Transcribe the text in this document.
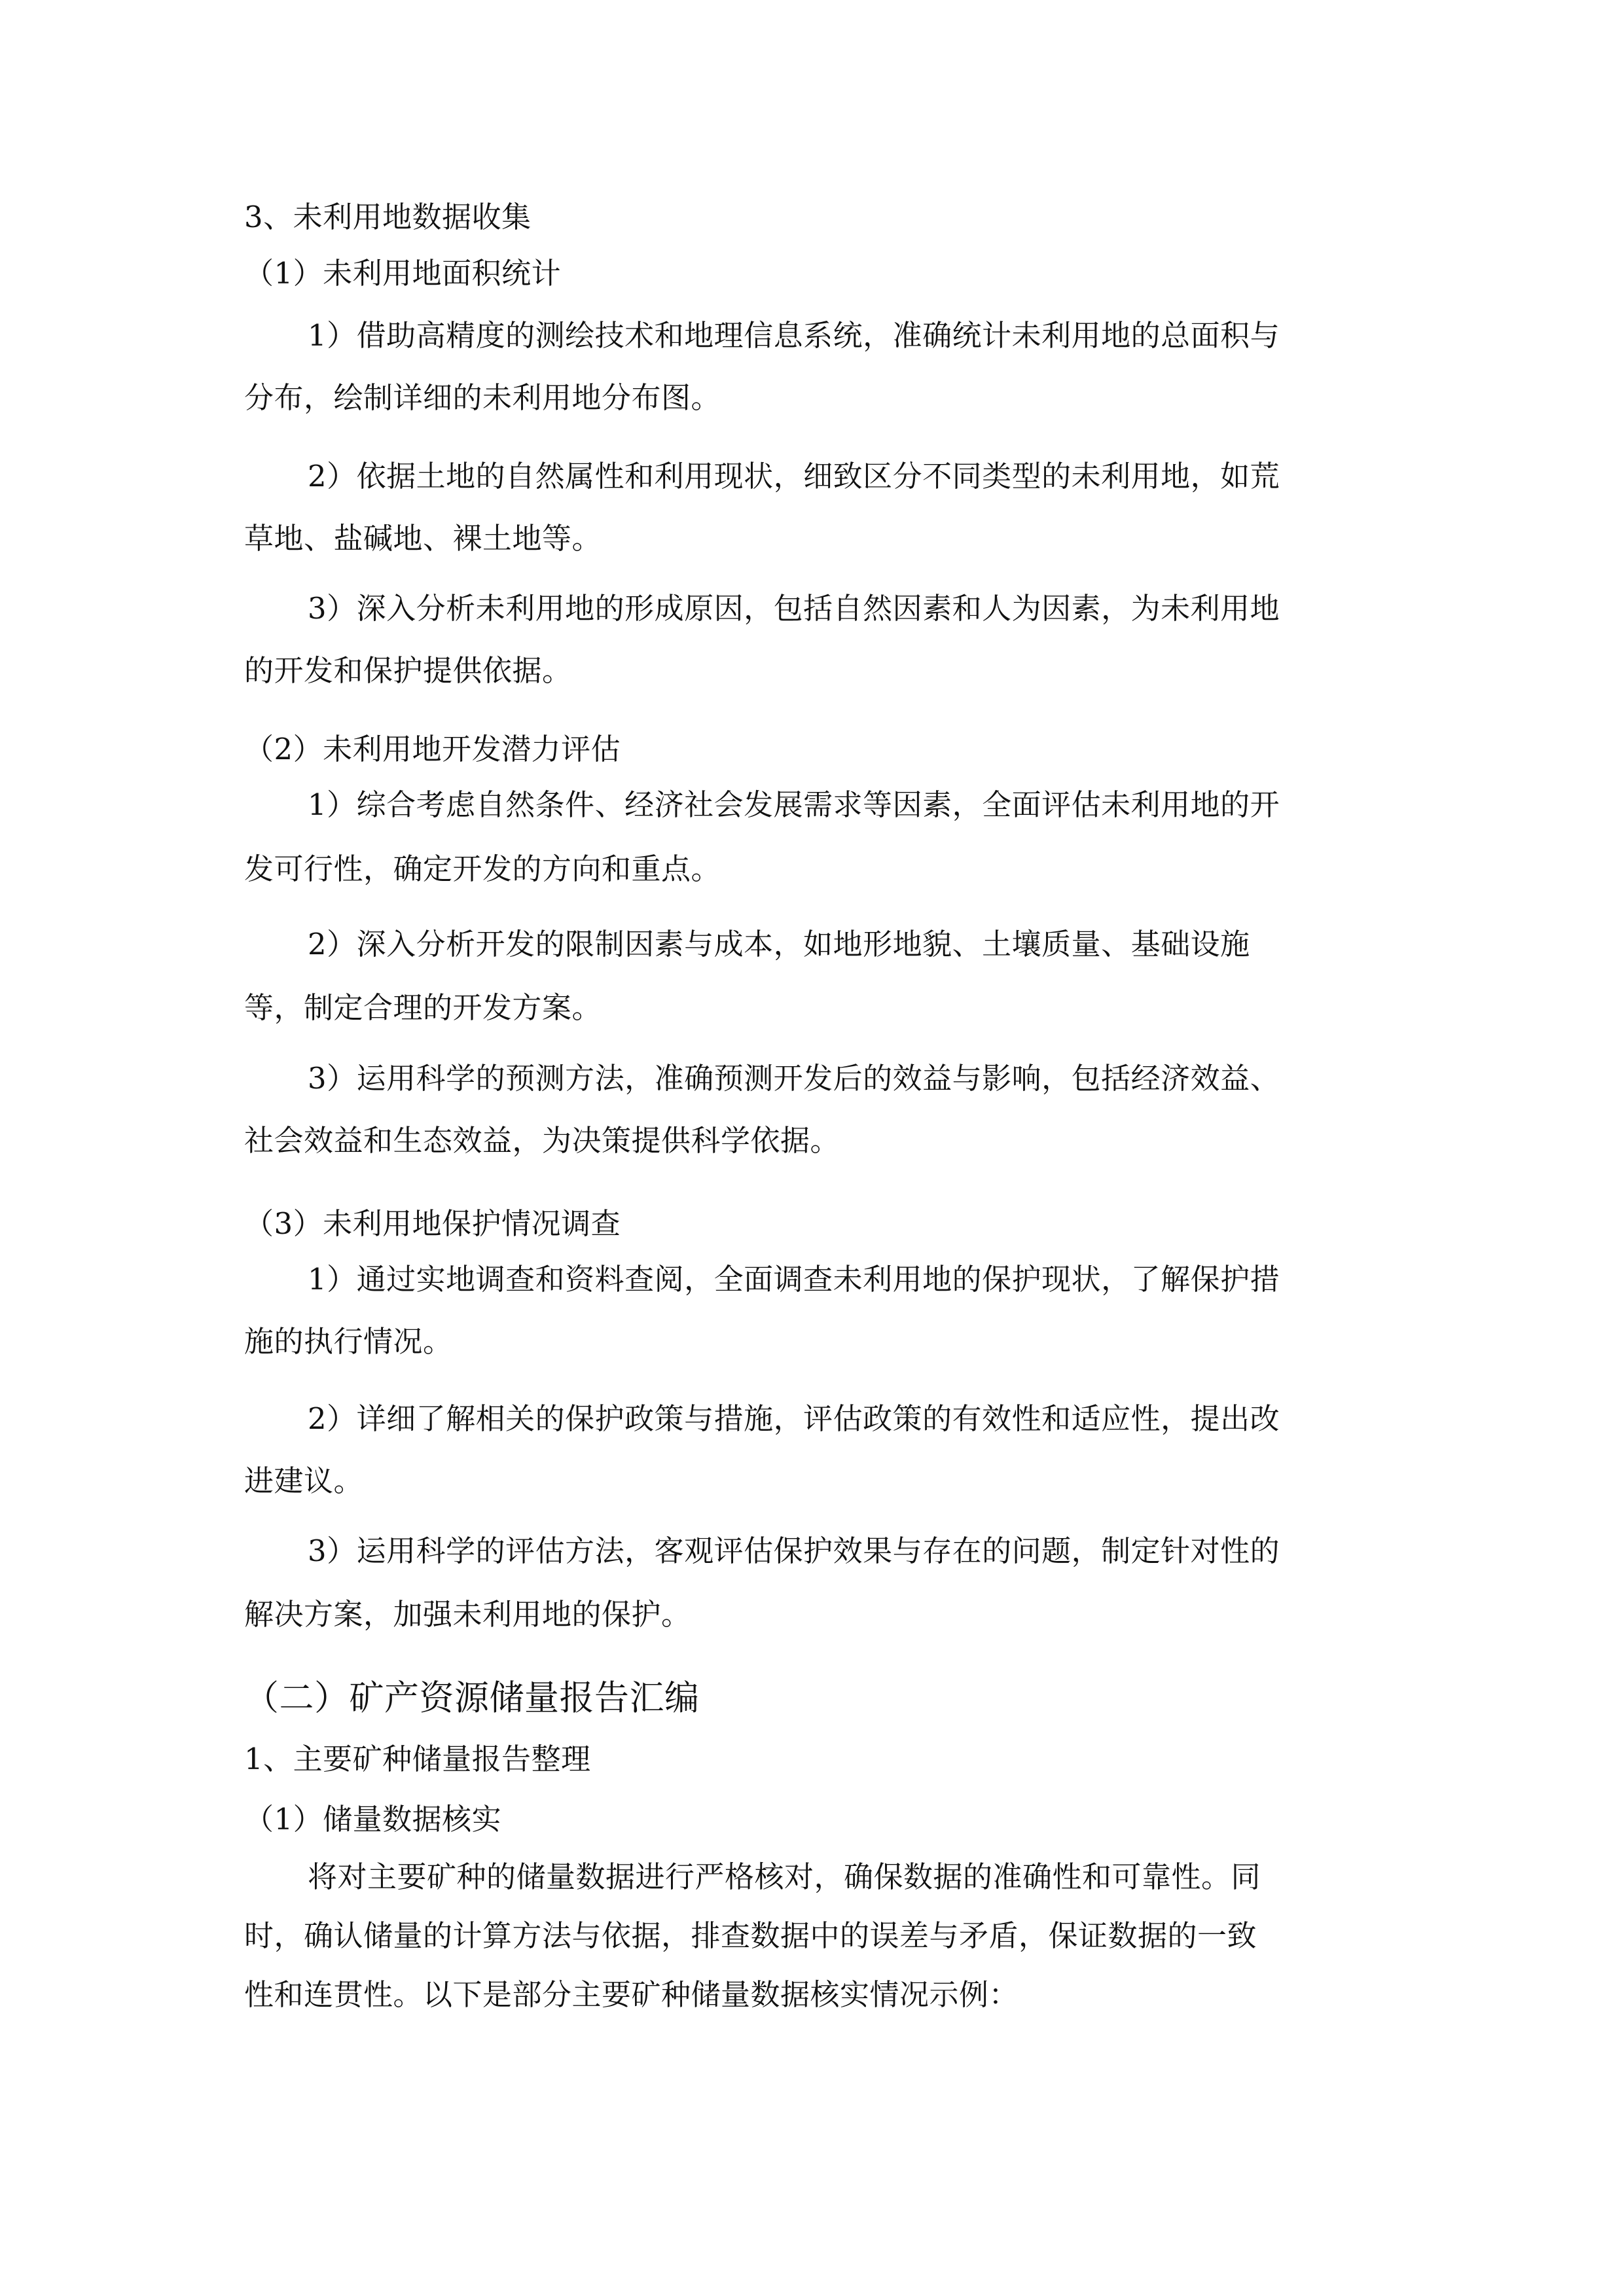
3、未利用地数据收集
（1）未利用地面积统计
1）借助高精度的测绘技术和地理信息系统，准确统计未利用地的总面积与
分布，绘制详细的未利用地分布图。
2）依据土地的自然属性和利用现状，细致区分不同类型的未利用地，如荒
草地、盐碱地、裸土地等。
3）深入分析未利用地的形成原因，包括自然因素和人为因素，为未利用地
的开发和保护提供依据。
（2）未利用地开发潜力评估
1）综合考虑自然条件、经济社会发展需求等因素，全面评估未利用地的开
发可行性，确定开发的方向和重点。
2）深入分析开发的限制因素与成本，如地形地貌、土壤质量、基础设施
等，制定合理的开发方案。
3）运用科学的预测方法，准确预测开发后的效益与影响，包括经济效益、
社会效益和生态效益，为决策提供科学依据。
（3）未利用地保护情况调查
1）通过实地调查和资料查阅，全面调查未利用地的保护现状，了解保护措
施的执行情况。
2）详细了解相关的保护政策与措施，评估政策的有效性和适应性，提出改
进建议。
3）运用科学的评估方法，客观评估保护效果与存在的问题，制定针对性的
解决方案，加强未利用地的保护。
（二）矿产资源储量报告汇编
1、主要矿种储量报告整理
（1）储量数据核实
将对主要矿种的储量数据进行严格核对，确保数据的准确性和可靠性。同
时，确认储量的计算方法与依据，排查数据中的误差与矛盾，保证数据的一致
性和连贯性。以下是部分主要矿种储量数据核实情况示例：
